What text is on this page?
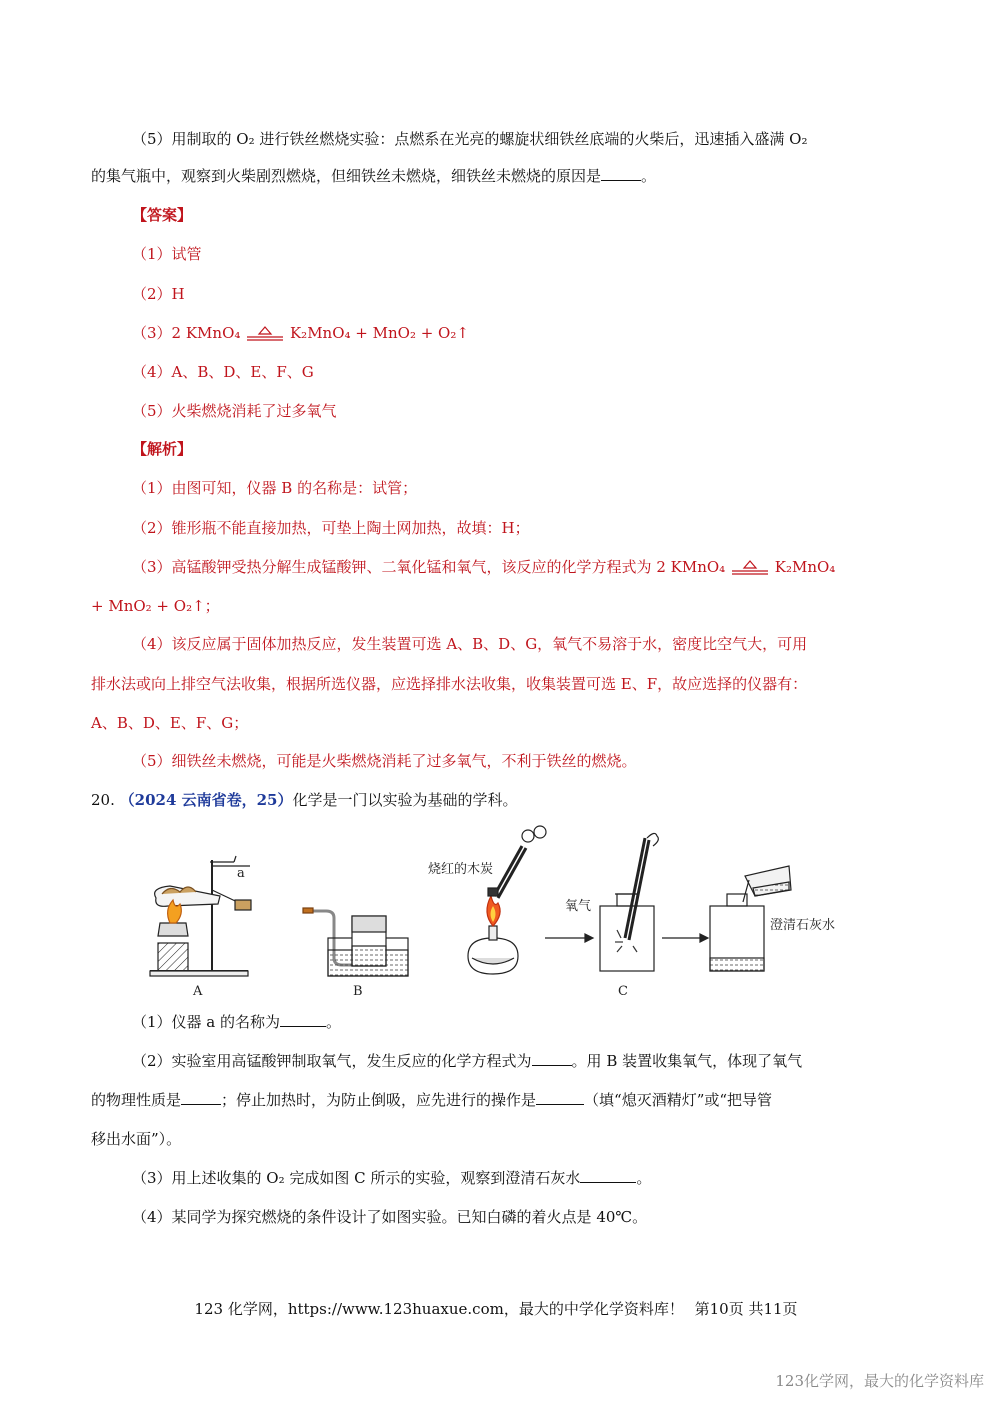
（5）用制取的 O₂ 进行铁丝燃烧实验：点燃系在光亮的螺旋状细铁丝底端的火柴后，迅速插入盛满 O₂
的集气瓶中，观察到火柴剧烈燃烧，但细铁丝未燃烧，细铁丝未燃烧的原因是	。
【答案】
（1）试管
（2）H
（3）2 KMnO₄	K₂MnO₄ + MnO₂ + O₂↑
（4）A、B、D、E、F、G
（5）火柴燃烧消耗了过多氧气
【解析】
（1）由图可知，仪器 B 的名称是：试管；
（2）锥形瓶不能直接加热，可垫上陶土网加热，故填：H；
（3）高锰酸钾受热分解生成锰酸钾、二氧化锰和氧气，该反应的化学方程式为 2 KMnO₄	K₂MnO₄
+ MnO₂ + O₂↑；
（4）该反应属于固体加热反应，发生装置可选 A、B、D、G，氧气不易溶于水，密度比空气大，可用
排水法或向上排空气法收集，根据所选仪器，应选择排水法收集，收集装置可选 E、F，故应选择的仪器有：
A、B、D、E、F、G；
（5）细铁丝未燃烧，可能是火柴燃烧消耗了过多氧气，不利于铁丝的燃烧。
20. （2024 云南省卷，25）化学是一门以实验为基础的学科。
a	烧红的木炭
氧气
澄清石灰水
A	B	C
（1）仪器 a 的名称为	。
（2）实验室用高锰酸钾制取氧气，发生反应的化学方程式为	。用 B 装置收集氧气，体现了氧气
的物理性质是	；停止加热时，为防止倒吸，应先进行的操作是	（填“熄灭酒精灯”或“把导管
移出水面”）。
（3）用上述收集的 O₂ 完成如图 C 所示的实验，观察到澄清石灰水	。
（4）某同学为探究燃烧的条件设计了如图实验。已知白磷的着火点是 40℃。
123 化学网，https://www.123huaxue.com，最大的中学化学资料库！ 第10页 共11页
123化学网，最大的化学资料库
